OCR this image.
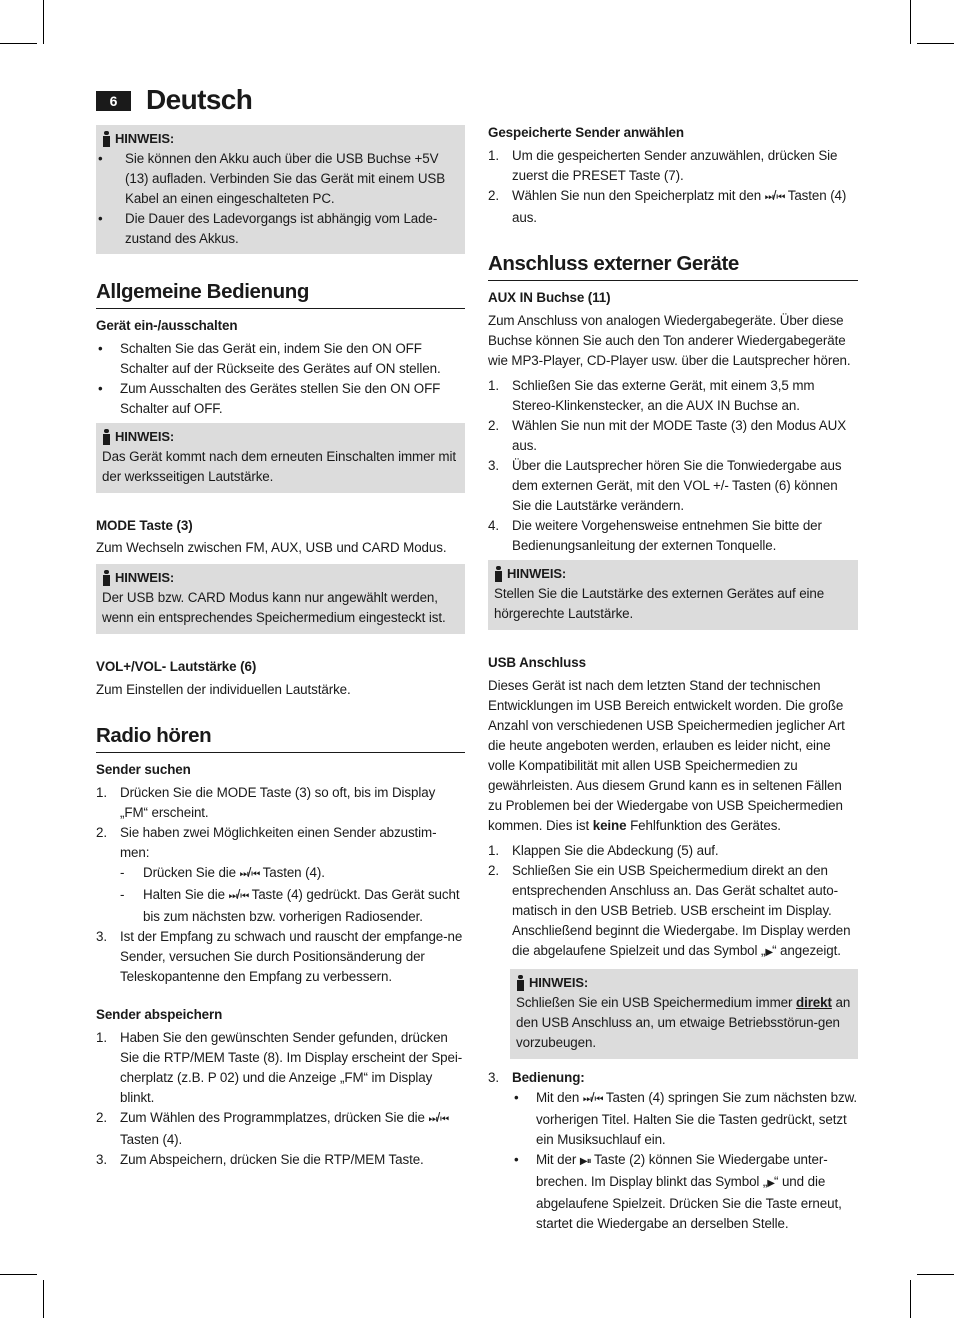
6	Deutsch
HINWEIS:
• Sie können den Akku auch über die USB Buchse +5V (13) aufladen. Verbinden Sie das Gerät mit einem USB Kabel an einen eingeschalteten PC.
• Die Dauer des Ladevorgangs ist abhängig vom Lade-zustand des Akkus.
Allgemeine Bedienung
Gerät ein-/ausschalten
• Schalten Sie das Gerät ein, indem Sie den ON OFF Schalter auf der Rückseite des Gerätes auf ON stellen.
• Zum Ausschalten des Gerätes stellen Sie den ON OFF Schalter auf OFF.
HINWEIS:

Das Gerät kommt nach dem erneuten Einschalten immer mit der werksseitigen Lautstärke.

MODE Taste (3)

Zum Wechseln zwischen FM, AUX, USB und CARD Modus.

HINWEIS:

Der USB bzw. CARD Modus kann nur angewählt werden, wenn ein entsprechendes Speichermedium eingesteckt ist.

VOL+/VOL- Lautstärke (6)

Zum Einstellen der individuellen Lautstärke.

Radio hören
Sender suchen
1. Drücken Sie die MODE Taste (3) so oft, bis im Display „FM“ erscheint.
2. Sie haben zwei Möglichkeiten einen Sender abzustim-men:
- Drücken Sie die ⏭/⏮ Tasten (4).
- Halten Sie die ⏭/⏮ Taste (4) gedrückt. Das Gerät sucht bis zum nächsten bzw. vorherigen Radiosender.
3. Ist der Empfang zu schwach und rauscht der empfange-ne Sender, versuchen Sie durch Positionsänderung der Teleskopantenne den Empfang zu verbessern.
Sender abspeichern
1. Haben Sie den gewünschten Sender gefunden, drücken Sie die RTP/MEM Taste (8). Im Display erscheint der Spei-cherplatz (z.B. P 02) und die Anzeige „FM“ im Display blinkt.
2. Zum Wählen des Programmplatzes, drücken Sie die ⏭/⏮ Tasten (4).
3. Zum Abspeichern, drücken Sie die RTP/MEM Taste.
Gespeicherte Sender anwählen
1. Um die gespeicherten Sender anzuwählen, drücken Sie zuerst die PRESET Taste (7).
2. Wählen Sie nun den Speicherplatz mit den ⏭/⏮ Tasten (4) aus.
Anschluss externer Geräte
AUX IN Buchse (11)

Zum Anschluss von analogen Wiedergabegeräte. Über diese Buchse können Sie auch den Ton anderer Wiedergabegeräte wie MP3-Player, CD-Player usw. über die Lautsprecher hören.

1. Schließen Sie das externe Gerät, mit einem 3,5 mm Stereo-Klinkenstecker, an die AUX IN Buchse an.
2. Wählen Sie nun mit der MODE Taste (3) den Modus AUX aus.
3. Über die Lautsprecher hören Sie die Tonwiedergabe aus dem externen Gerät, mit den VOL +/- Tasten (6) können Sie die Lautstärke verändern.
4. Die weitere Vorgehensweise entnehmen Sie bitte der Bedienungsanleitung der externen Tonquelle.
HINWEIS:

Stellen Sie die Lautstärke des externen Gerätes auf eine hörgerechte Lautstärke.

USB Anschluss

Dieses Gerät ist nach dem letzten Stand der technischen Entwicklungen im USB Bereich entwickelt worden. Die große Anzahl von verschiedenen USB Speichermedien jeglicher Art die heute angeboten werden, erlauben es leider nicht, eine volle Kompatibilität mit allen USB Speichermedien zu gewährleisten. Aus diesem Grund kann es in seltenen Fällen zu Problemen bei der Wiedergabe von USB Speichermedien kommen. Dies ist keine Fehlfunktion des Gerätes.

1. Klappen Sie die Abdeckung (5) auf.
2. Schließen Sie ein USB Speichermedium direkt an den entsprechenden Anschluss an. Das Gerät schaltet auto-matisch in den USB Betrieb. USB erscheint im Display. Anschließend beginnt die Wiedergabe. Im Display werden die abgelaufene Spielzeit und das Symbol „▶“ angezeigt.
HINWEIS:

Schließen Sie ein USB Speichermedium immer direkt an den USB Anschluss an, um etwaige Betriebsstörun-gen vorzubeugen.

3. Bedienung:
• Mit den ⏭/⏮ Tasten (4) springen Sie zum nächsten bzw. vorherigen Titel. Halten Sie die Tasten gedrückt, setzt ein Musiksuchlauf ein.
• Mit der ▶⏸ Taste (2) können Sie Wiedergabe unter-brechen. Im Display blinkt das Symbol „▶“ und die abgelaufene Spielzeit. Drücken Sie die Taste erneut, startet die Wiedergabe an derselben Stelle.
